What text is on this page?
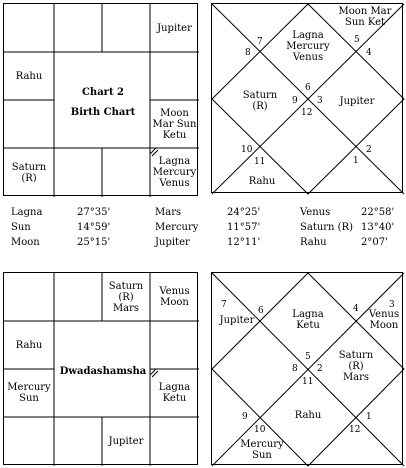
Chart 2
Birth Chart
Jupiter
Rahu
Moon
Mar Sun
Ketu
Saturn
(R)
Lagna
Mercury
Venus
7	5
8	4
6
9 3
12
10	2
11	1
Moon Mar
Sun Ket
Lagna
Mercury
Venus
Saturn
(R)	Jupiter
Rahu
Lagna	27°35'	Mars	24°25'	Venus	22°58'
Sun	14°59'	Mercury	11°57'	Saturn (R) 13°40'
Moon	25°15'	Jupiter	12°11'	Rahu	2°07'
Dwadashamsha
Saturn
(R)
Mars
Venus
Moon
Rahu
Mercury
Sun
Lagna
Ketu
Jupiter
7
6	4	3
5
2
8
11
9	1
10	12
Jupiter
Lagna
Ketu
Venus
Moon
Saturn
(R)
Mars
Rahu
Mercury
Sun
